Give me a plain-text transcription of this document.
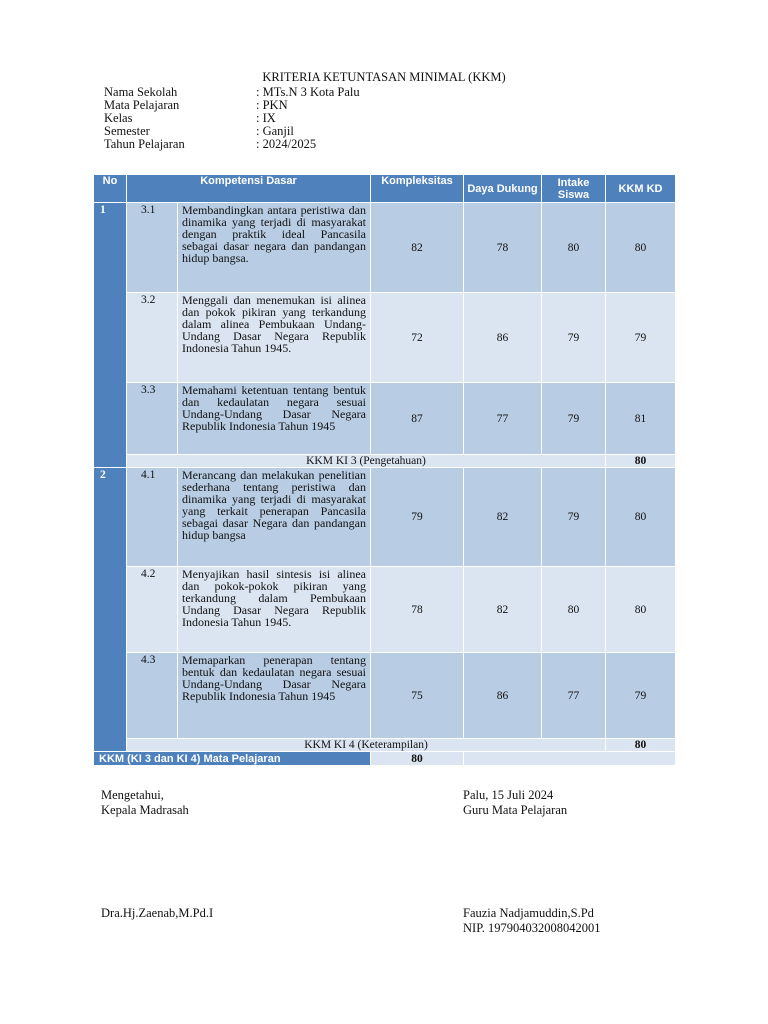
KRITERIA KETUNTASAN MINIMAL (KKM)
Nama Sekolah	: MTs.N 3 Kota Palu
Mata Pelajaran	: PKN
Kelas	: IX
Semester	: Ganjil
Tahun Pelajaran	: 2024/2025
No	Kompetensi Dasar		Kompleksitas	Daya Dukung	Intake Siswa	KKM KD
1	3.1	Membandingkan antara peristiwa dan dinamika yang terjadi di masyarakat dengan praktik ideal Pancasila sebagai dasar negara dan pandangan hidup bangsa.	82	78	80	80
	3.2	Menggali dan menemukan isi alinea dan pokok pikiran yang terkandung dalam alinea Pembukaan Undang-Undang Dasar Negara Republik Indonesia Tahun 1945.	72	86	79	79
	3.3	Memahami ketentuan tentang bentuk dan kedaulatan negara sesuai Undang-Undang Dasar Negara Republik Indonesia Tahun 1945	87	77	79	81
	KKM KI 3 (Pengetahuan)					80
2	4.1	Merancang dan melakukan penelitian sederhana tentang peristiwa dan dinamika yang terjadi di masyarakat yang terkait penerapan Pancasila sebagai dasar Negara dan pandangan hidup bangsa	79	82	79	80
	4.2	Menyajikan hasil sintesis isi alinea dan pokok-pokok pikiran yang terkandung dalam Pembukaan Undang Dasar Negara Republik Indonesia Tahun 1945.	78	82	80	80
	4.3	Memaparkan penerapan tentang bentuk dan kedaulatan negara sesuai Undang-Undang Dasar Negara Republik Indonesia Tahun 1945	75	86	77	79
	KKM KI 4 (Keterampilan)					80
KKM (KI 3 dan KI 4) Mata Pelajaran			80			
Mengetahui,
Kepala Madrasah
Palu, 15 Juli 2024
Guru Mata Pelajaran
Dra.Hj.Zaenab,M.Pd.I	Fauzia Nadjamuddin,S.Pd
NIP. 197904032008042001
